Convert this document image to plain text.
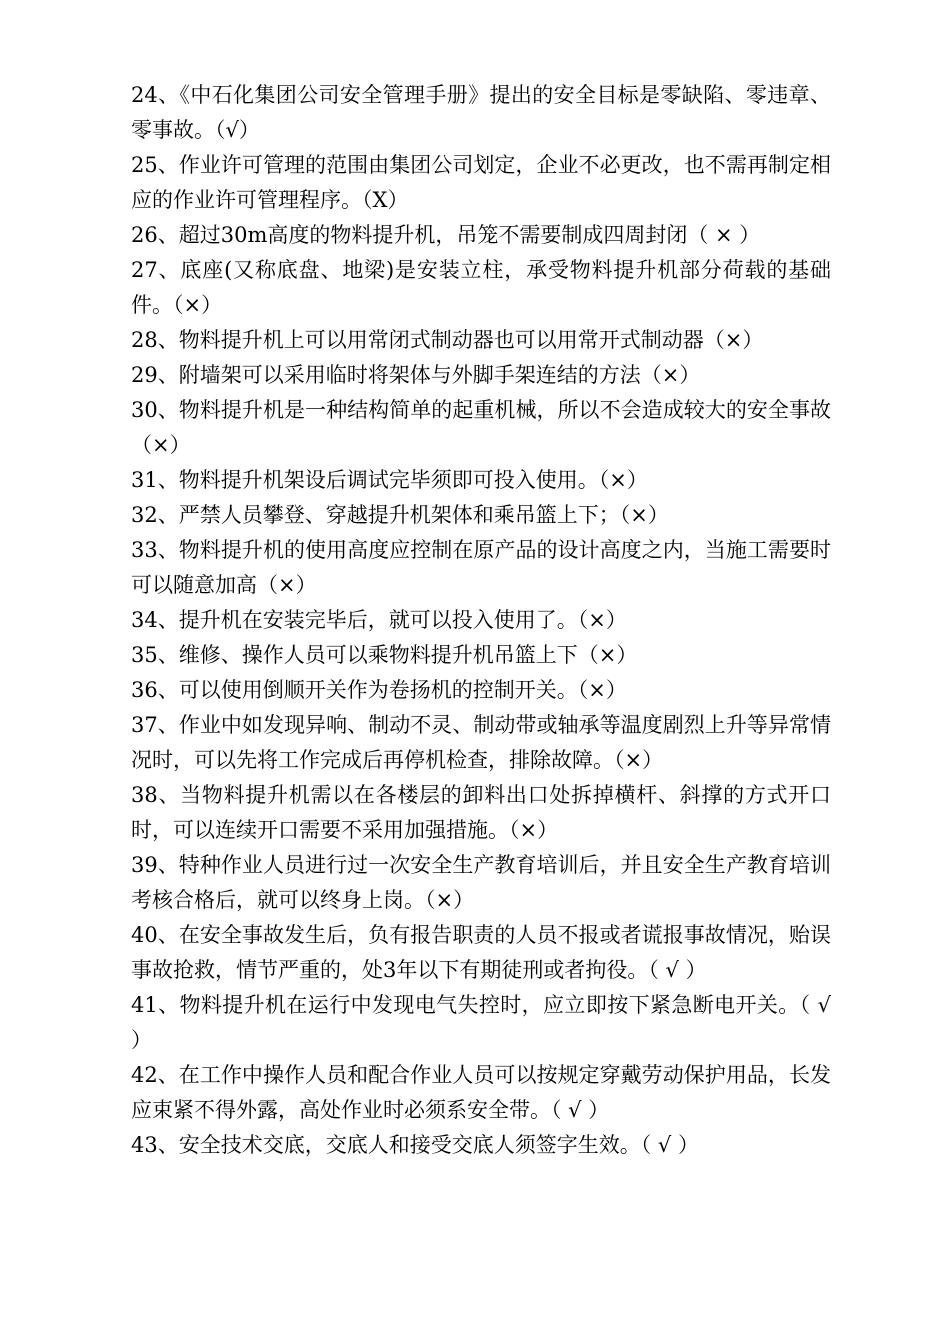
24、《中石化集团公司安全管理手册》提出的安全目标是零缺陷、零违章、零事故。（√）

25、作业许可管理的范围由集团公司划定，企业不必更改，也不需再制定相应的作业许可管理程序。（X）

26、超过30m高度的物料提升机，吊笼不需要制成四周封闭（ × ）

27、底座(又称底盘、地梁)是安装立柱，承受物料提升机部分荷载的基础件。（×）

28、物料提升机上可以用常闭式制动器也可以用常开式制动器（×）

29、附墙架可以采用临时将架体与外脚手架连结的方法（×）

30、物料提升机是一种结构简单的起重机械，所以不会造成较大的安全事故（×）

31、物料提升机架设后调试完毕须即可投入使用。（×）

32、严禁人员攀登、穿越提升机架体和乘吊篮上下；（×）

33、物料提升机的使用高度应控制在原产品的设计高度之内，当施工需要时可以随意加高（×）

34、提升机在安装完毕后，就可以投入使用了。（×）

35、维修、操作人员可以乘物料提升机吊篮上下（×）

36、可以使用倒顺开关作为卷扬机的控制开关。（×）

37、作业中如发现异响、制动不灵、制动带或轴承等温度剧烈上升等异常情况时，可以先将工作完成后再停机检查，排除故障。（×）

38、当物料提升机需以在各楼层的卸料出口处拆掉横杆、斜撑的方式开口时，可以连续开口需要不采用加强措施。（×）

39、特种作业人员进行过一次安全生产教育培训后，并且安全生产教育培训考核合格后，就可以终身上岗。（×）

40、在安全事故发生后，负有报告职责的人员不报或者谎报事故情况，贻误事故抢救，情节严重的，处3年以下有期徒刑或者拘役。（ √ ）

41、物料提升机在运行中发现电气失控时，应立即按下紧急断电开关。（ √ ）

42、在工作中操作人员和配合作业人员可以按规定穿戴劳动保护用品，长发应束紧不得外露，高处作业时必须系安全带。（ √ ）

43、安全技术交底，交底人和接受交底人须签字生效。（ √ ）
